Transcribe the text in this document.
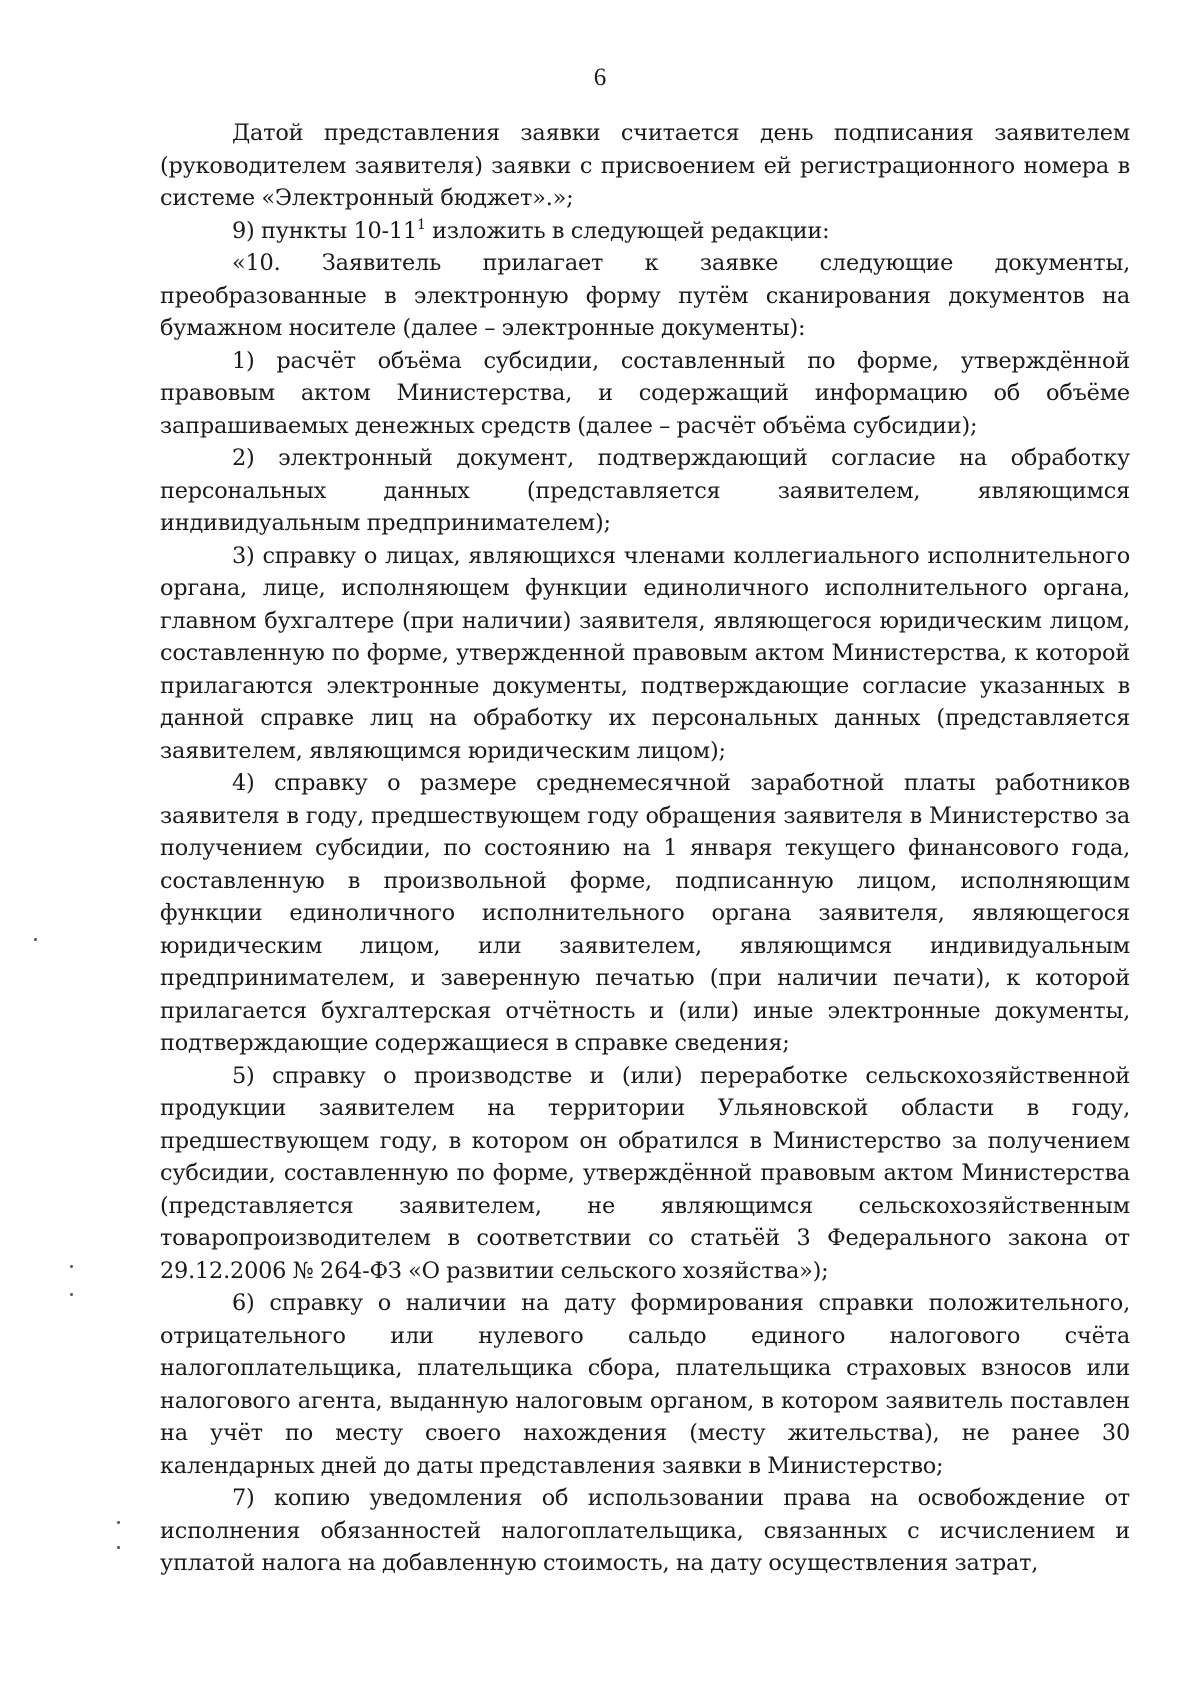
6

Датой представления заявки считается день подписания заявителем (руководителем заявителя) заявки с присвоением ей регистрационного номера в системе «Электронный бюджет».»;

9) пункты $10-11^1$ изложить в следующей редакции:

«10. Заявитель прилагает к заявке следующие документы, преобразованные в электронную форму путём сканирования документов на бумажном носителе (далее – электронные документы):

1) расчёт объёма субсидии, составленный по форме, утверждённой правовым актом Министерства, и содержащий информацию об объёме запрашиваемых денежных средств (далее – расчёт объёма субсидии);

2) электронный документ, подтверждающий согласие на обработку персональных данных (представляется заявителем, являющимся индивидуальным предпринимателем);

3) справку о лицах, являющихся членами коллегиального исполнительного органа, лице, исполняющем функции единоличного исполнительного органа, главном бухгалтере (при наличии) заявителя, являющегося юридическим лицом, составленную по форме, утвержденной правовым актом Министерства, к которой прилагаются электронные документы, подтверждающие согласие указанных в данной справке лиц на обработку их персональных данных (представляется заявителем, являющимся юридическим лицом);

4) справку о размере среднемесячной заработной платы работников заявителя в году, предшествующем году обращения заявителя в Министерство за получением субсидии, по состоянию на 1 января текущего финансового года, составленную в произвольной форме, подписанную лицом, исполняющим функции единоличного исполнительного органа заявителя, являющегося юридическим лицом, или заявителем, являющимся индивидуальным предпринимателем, и заверенную печатью (при наличии печати), к которой прилагается бухгалтерская отчётность и (или) иные электронные документы, подтверждающие содержащиеся в справке сведения;

5) справку о производстве и (или) переработке сельскохозяйственной продукции заявителем на территории Ульяновской области в году, предшествующем году, в котором он обратился в Министерство за получением субсидии, составленную по форме, утверждённой правовым актом Министерства (представляется заявителем, не являющимся сельскохозяйственным товаропроизводителем в соответствии со статьёй 3 Федерального закона от 29.12.2006 № 264-ФЗ «О развитии сельского хозяйства»);

6) справку о наличии на дату формирования справки положительного, отрицательного или нулевого сальдо единого налогового счёта налогоплательщика, плательщика сбора, плательщика страховых взносов или налогового агента, выданную налоговым органом, в котором заявитель поставлен на учёт по месту своего нахождения (месту жительства), не ранее 30 календарных дней до даты представления заявки в Министерство;

7) копию уведомления об использовании права на освобождение от исполнения обязанностей налогоплательщика, связанных с исчислением и уплатой налога на добавленную стоимость, на дату осуществления затрат,
